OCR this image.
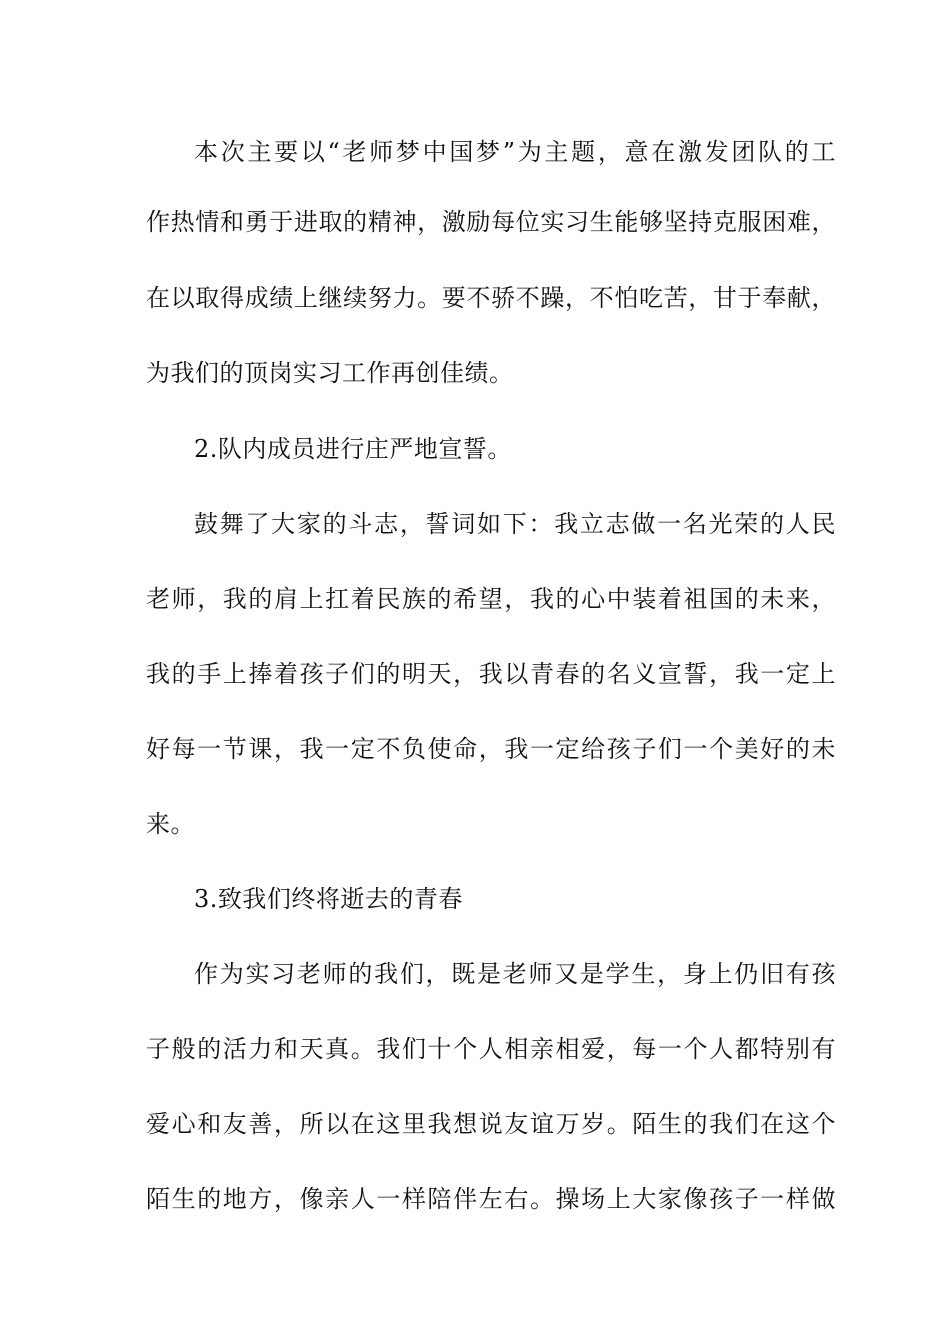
本次主要以“老师梦中国梦”为主题，意在激发团队的工
作热情和勇于进取的精神，激励每位实习生能够坚持克服困难，
在以取得成绩上继续努力。要不骄不躁，不怕吃苦，甘于奉献，
为我们的顶岗实习工作再创佳绩。
2.队内成员进行庄严地宣誓。
鼓舞了大家的斗志，誓词如下：我立志做一名光荣的人民
老师，我的肩上扛着民族的希望，我的心中装着祖国的未来，
我的手上捧着孩子们的明天，我以青春的名义宣誓，我一定上
好每一节课，我一定不负使命，我一定给孩子们一个美好的未
来。
3.致我们终将逝去的青春
作为实习老师的我们，既是老师又是学生，身上仍旧有孩
子般的活力和天真。我们十个人相亲相爱，每一个人都特别有
爱心和友善，所以在这里我想说友谊万岁。陌生的我们在这个
陌生的地方，像亲人一样陪伴左右。操场上大家像孩子一样做
